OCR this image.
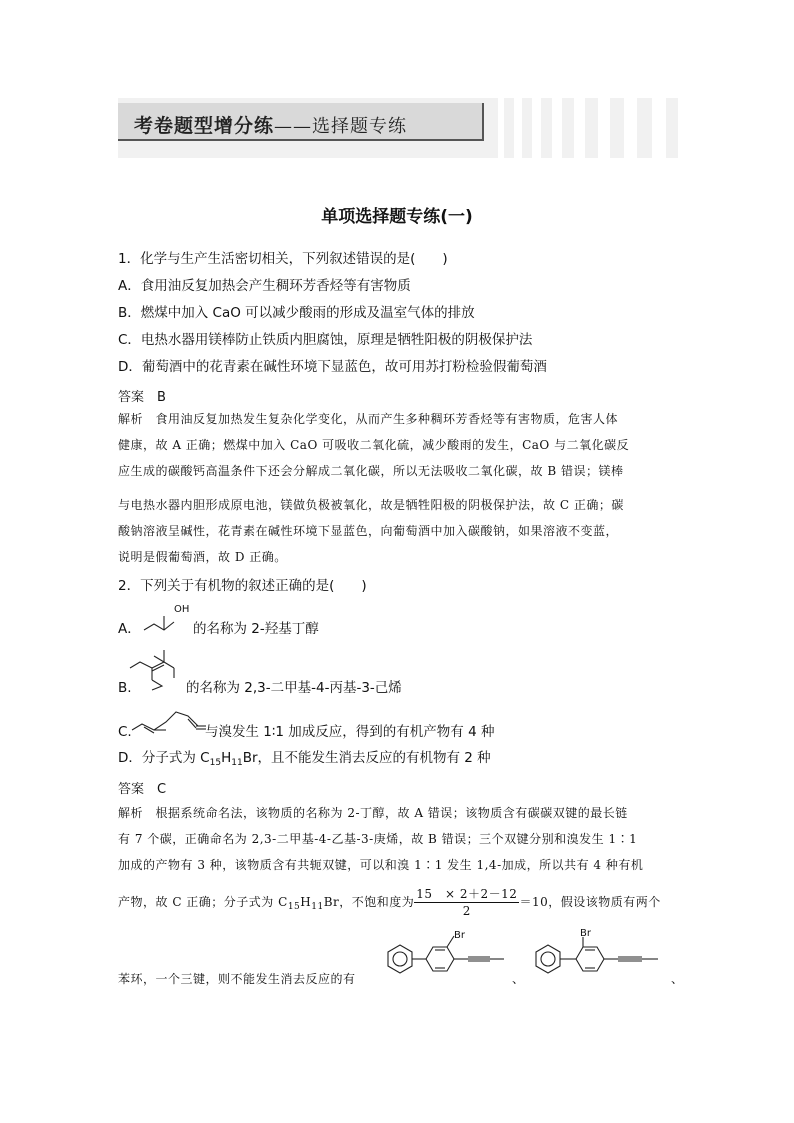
考卷题型增分练——选择题专练
单项选择题专练(一)
1．化学与生产生活密切相关，下列叙述错误的是(　　)
A．食用油反复加热会产生稠环芳香烃等有害物质
B．燃煤中加入 CaO 可以减少酸雨的形成及温室气体的排放
C．电热水器用镁棒防止铁质内胆腐蚀，原理是牺牲阳极的阴极保护法
D．葡萄酒中的花青素在碱性环境下显蓝色，故可用苏打粉检验假葡萄酒
答案　B
解析　食用油反复加热发生复杂化学变化，从而产生多种稠环芳香烃等有害物质，危害人体
健康，故 A 正确；燃煤中加入 CaO 可吸收二氧化硫，减少酸雨的发生，CaO 与二氧化碳反
应生成的碳酸钙高温条件下还会分解成二氧化碳，所以无法吸收二氧化碳，故 B 错误；镁棒
与电热水器内胆形成原电池，镁做负极被氧化，故是牺牲阳极的阴极保护法，故 C 正确；碳
酸钠溶液呈碱性，花青素在碱性环境下显蓝色，向葡萄酒中加入碳酸钠，如果溶液不变蓝，
说明是假葡萄酒，故 D 正确。
2．下列关于有机物的叙述正确的是(　　)
A．
OH
的名称为 2-羟基丁醇
B.	的名称为 2,3-二甲基-4-丙基-3-己烯
C.	与溴发生 1∶1 加成反应，得到的有机产物有 4 种
D．分子式为 $C_{15}H_{11}Br$，且不能发生消去反应的有机物有 2 种
答案　C
解析　根据系统命名法，该物质的名称为 2-丁醇，故 A 错误；该物质含有碳碳双键的最长链
有 7 个碳，正确命名为 2,3-二甲基-4-乙基-3-庚烯，故 B 错误；三个双键分别和溴发生 1∶1
加成的产物有 3 种，该物质含有共轭双键，可以和溴 1∶1 发生 1,4-加成，所以共有 4 种有机
产物，故 C 正确；分子式为 $C_{15}H_{11}Br$，不饱和度为 $\frac{15 \times 2+2-12}{2} =10$，假设该物质有两个
苯环，一个三键，则不能发生消去反应的有
Br
、
Br
、
